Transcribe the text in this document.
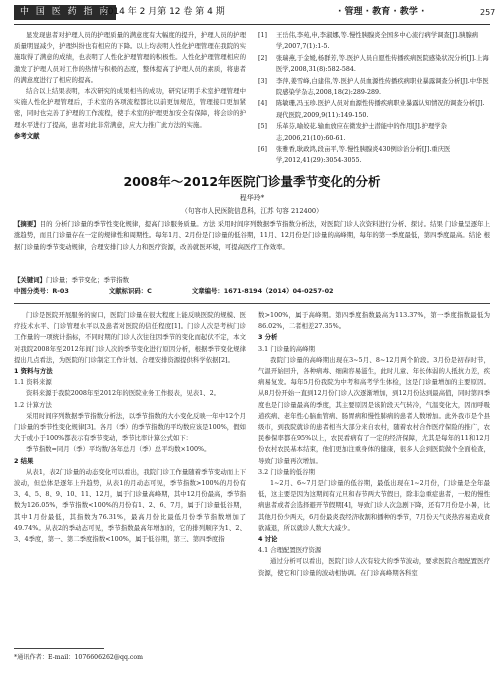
中 国 医 药 指 南
2014 年 2 月第 12 卷 第 4 期	· 管理 · 教育 · 教学 ·	257

显发现患者对护理人员的护理质量的满意度有大幅度的提升，护理人员的护理质量明显减少，护理纠纷也有相应的下降。以上均表明人性化护理管理在我院的实施取得了满意的成绩，也表明了人性化护理管理的积极性。人性化护理管理相应的激发了护理人员对工作的热情与积极的态度，整体提高了护理人员的素质，将患者的满意度进行了相应的提高。

结合以上结果表明，本次研究的成果相当的成功，研究证明手术室护理管理中实施人性化护理管理后，手术室的各项流程都比以前更加规范，管理接口更加紧密，同时也完善了护理的工作流程，使手术室的护理更加安全有保障，将会诊的护理水平进行了提高，患者对此非常满意，应大力推广此方法的实施。

参考文献

[1]	王岳伟,李苑,申,李淑娜,等.慢性胰腺炎全国多中心流行病学调查[J].胰腺病学,2007,7(1):1-5.
[2]	张瑞燕,于金媛,杨群芳,等.医护人员自愿性传播疾病医院感染状况分析[J].上海医学,2008,31(8):582-584.
[3]	李萍,姜雪峰,白建伟,等.医护人员血源性传播疾病职业暴露调查分析[J].中华医院感染学杂志,2008,18(2):289-289.
[4]	陈敏珊,冯玉珍.医护人员对血源性传播疾病职业暴露认知情况的调查分析[J].现代医院,2009,9(11):149-150.
[5]	乐革芬,喻姣花.输血放应在微发护士潜能中的作用[J].护理学杂志,2006,21(10):60-61.
[6]	张雅香,耿政鸿,段亩平,等.慢性胰腺炎430例诊治分析[J].重庆医学,2012,41(29):3054-3055.
2008年～2012年医院门诊量季节变化的分析
程华玲*
（句容市人民医院信息科，江苏 句容 212400）
【摘要】目的 分析门诊量的季节性变化规律，提高门诊服务质量。方法 采用时间序列数据季节指数分析法，对医院门诊人次资料进行分析、探讨。结果 门诊量呈逐年上涨趋势，而且门诊量存在一定的规律性和周期性。每年1月、2月份是门诊量的低谷期，11月、12月份是门诊量的高峰期，每年的第一季度最低，第四季度最高。结论 根据门诊量的季节变动规律，合理安排门诊人力和医疗资源，改善就医环境，可提高医疗工作效率。
【关键词】门诊量；季节变化；季节指数
中图分类号：R-03	文献标识码：C	文章编号：1671-8194（2014）04-0257-02

门诊是医院开展服务的窗口，医院门诊量在很大程度上能反映医院的规模、医疗技术水平、门诊管理水平以及患者对医院的信任程度[1]。门诊人次是考核门诊工作量的一项统计指标，不同时期的门诊人次往往因季节的变化而起伏不定，本文对我院2008年至2012年间门诊人次的季节变化进行原因分析，根据季节变化规律提出几点看法，为医院的门诊制定工作计划、合理安排资源提供科学依据[2]。

1 资料与方法

1.1 资料来源

资料来源于我院2008年至2012年的医院业务工作报表，见表1、2。

1.2 计算方法

采用时间序列数据季节指数分析法，以季节指数的大小变化反映一年中12个月门诊量的季节性变化规律[3]。各月（季）的季节指数的平均数应该是100%，假如大于或小于100%都表示有季节变动，季节比率计算公式如下：

季节指数=同月（季）平均数/各年总月（季）总平均数×100%。

2 结果

从表1，表2门诊量的动态变化可以看出，我院门诊工作量随着季节变动而上下波动，但总体是逐年上升趋势，从表1的月动态可见，季节指数>100%的月份有3、4、5、8、9、10、11、12月，属于门诊量高峰期，其中12月份最高，季节指数为126.05%，季节指数<100%的月份有1、2、6、7月，属于门诊量低谷期，其中1月份最低，其指数为76.31%，最高月份比最低月份季节指数增加了49.74%。从表2的季动态可见，季节指数最高年增加的，它的排列顺序为1、2、3、4季度，第一、第二季度指数<100%，属于低谷期，第三、第四季度指

数>100%，属于高峰期。第四季度指数最高为113.37%，第一季度指数最低为86.02%，二者相差27.35%。

3 分析

3.1 门诊量的高峰期

我院门诊量的高峰期出现在3~5月、8~12月两个阶段。3月份是初春时节，气温开始回升，各种病毒、细菌容易滋生，此时儿童、年长体弱的人抵抗力差，疾病易复发。每年5月份我院为中考和高考学生体检，这是门诊量增加的主要原因。从8月份开始一直到12月份门诊人次逐渐增加，到12月份达到最高值，同时第四季度也是门诊量最高的季度，其主要原因是该阶段天气转冷，气温变化大，因而呼吸道疾病、老年性心脑血管病、肠胃病和慢性肺病的患者人数增加。此外我市是个县级市，到我院就诊的患者相当大部分来自农村，随着农村合作医疗保险的推广，农民参保率都在95%以上，农民看病有了一定的经济保障，尤其是每年的11和12月份农村农民基本结束，他们更加注重身体的健康，很多人会到医院做个全面检查，导致门诊量再次增加。

3.2 门诊量的低谷期

1~2月、6~7月是门诊量的低谷期，最低出现在1~2月份，门诊量是全年最低，这主要是因为这期间有元旦和春节两大节假日，除非急重症患者，一般的慢性病患者或者会选择避开节假期[4]，导致门诊人次急剧下降，还有7月份是小暑，比其他月份少两天，6月份最炎我经济收割和播种的季节，7月份天气炎热容易造成食欲减退，所以就诊人数大大减少。

4 讨论

4.1 合理配置医疗资源

通过分析可以看出，医院门诊人次有较大的季节波动，要求医院合理配置医疗资源，使它和门诊量的波动相协调。在门诊高峰期各科室

*通讯作者：E-mail：1076606262@qq.com
